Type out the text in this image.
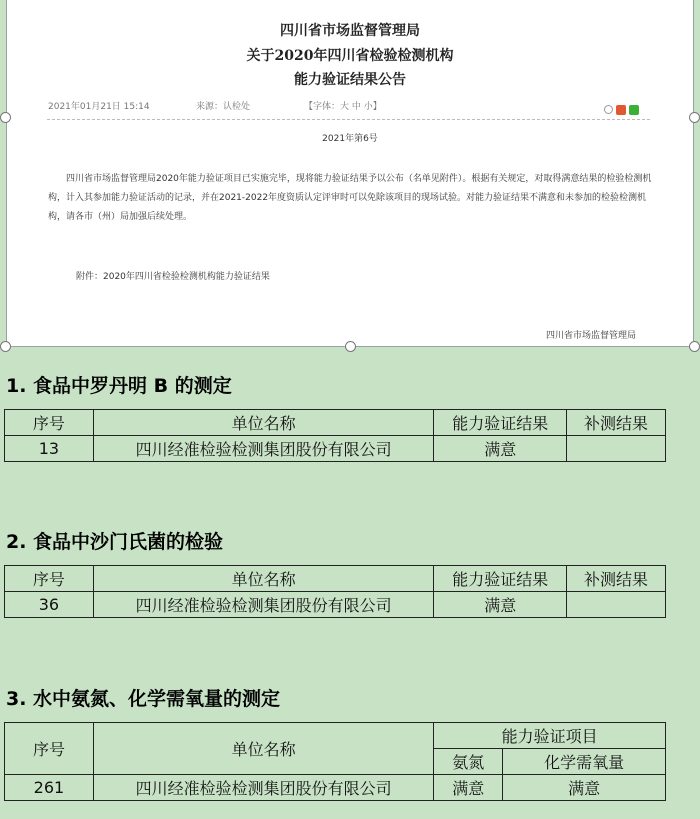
四川省市场监督管理局
关于2020年四川省检验检测机构
能力验证结果公告
2021年01月21日 15:14	来源：认检处	【字体：大 中 小】
2021年第6号
四川省市场监督管理局2020年能力验证项目已实施完毕，现将能力验证结果予以公布（名单见附件）。根据有关规定，对取得满意结果的检验检测机构，计入其参加能力验证活动的记录，并在2021-2022年度资质认定评审时可以免除该项目的现场试验。对能力验证结果不满意和未参加的检验检测机构，请各市（州）局加强后续处理。
附件：2020年四川省检验检测机构能力验证结果
四川省市场监督管理局
1. 食品中罗丹明 B 的测定
序号	单位名称	能力验证结果	补测结果
13	四川经准检验检测集团股份有限公司	满意	
2. 食品中沙门氏菌的检验
序号	单位名称	能力验证结果	补测结果
36	四川经准检验检测集团股份有限公司	满意	
3. 水中氨氮、化学需氧量的测定
序号	单位名称	能力验证项目	
		氨氮	化学需氧量
261	四川经准检验检测集团股份有限公司	满意	满意
